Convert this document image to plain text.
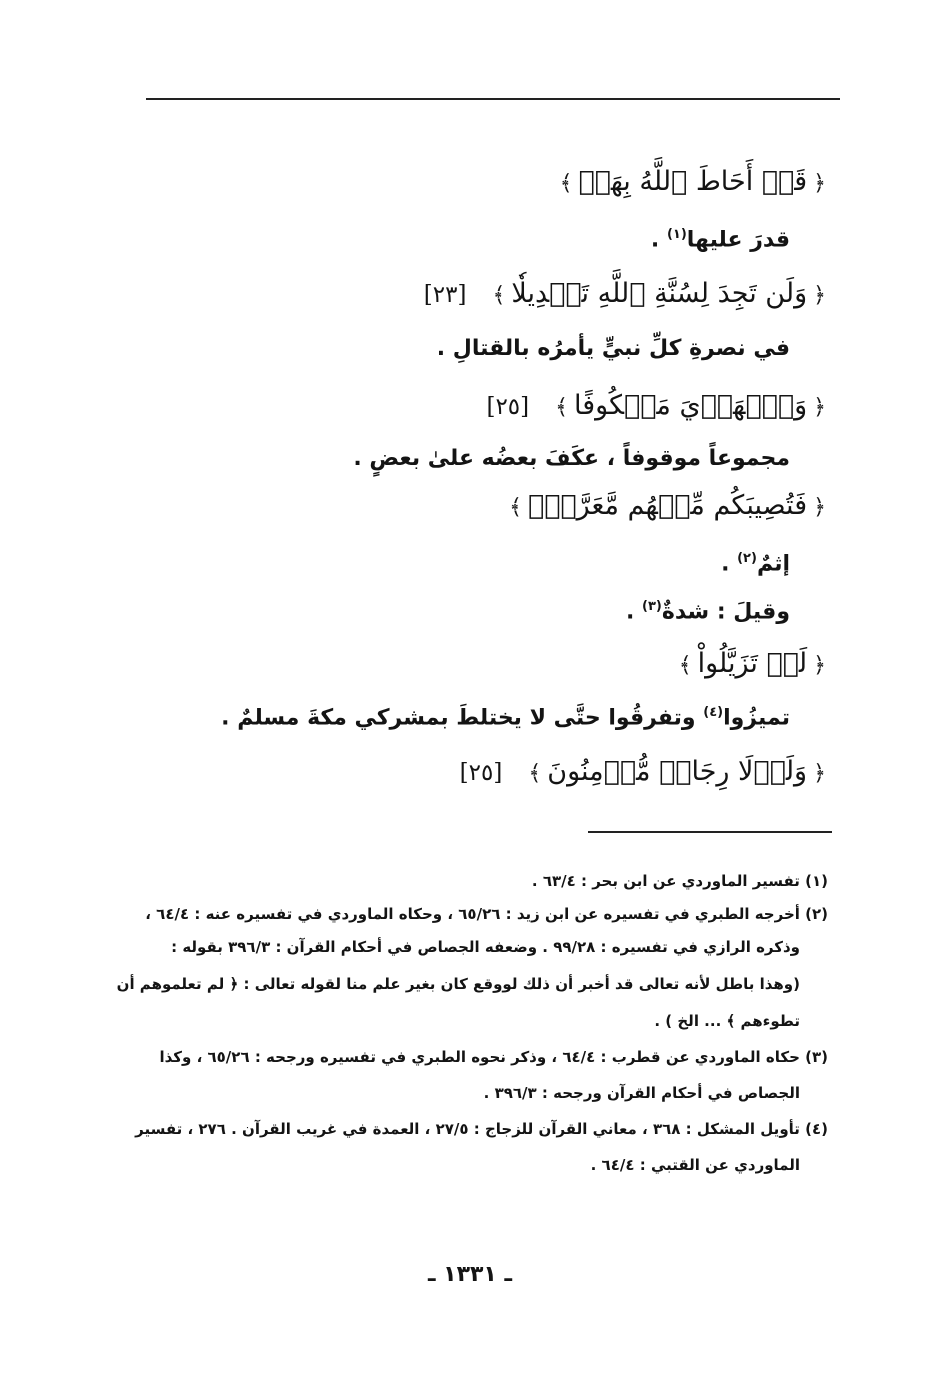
﴿قَدۡ أَحَاطَ ٱللَّهُ بِهَاۚ﴾
قدرَ عليها$^{(١)}$ .
﴿وَلَن تَجِدَ لِسُنَّةِ ٱللَّهِ تَبۡدِيلٗا﴾[٢٣]
في نصرةِ كلِّ نبيٍّ يأمرُه بالقتالِ .
﴿وَٱلۡهَدۡيَ مَعۡكُوفًا﴾[٢٥]
مجموعاً موقوفاً ، عكَفَ بعضُه علىٰ بعضٍ .
﴿فَتُصِيبَكُم مِّنۡهُم مَّعَرَّةُۢ﴾
إثمٌ$^{(٢)}$ .
وقيلَ : شدةٌ$^{(٣)}$ .
﴿لَوۡ تَزَيَّلُواْ﴾
تميزُوا$^{(٤)}$ وتفرقُوا حتَّى لا يختلطَ بمشركي مكةَ مسلمٌ .
﴿وَلَوۡلَا رِجَالٞ مُّؤۡمِنُونَ﴾[٢٥]
(١) تفسير الماوردي عن ابن بحر : ٦٣/٤ .
(٢) أخرجه الطبري في تفسيره عن ابن زيد : ٦٥/٢٦ ، وحكاه الماوردي في تفسيره عنه : ٦٤/٤ ،
وذكره الرازي في تفسيره : ٩٩/٢٨ . وضعفه الجصاص في أحكام القرآن : ٣٩٦/٣ بقوله :
(وهذا باطل لأنه تعالى قد أخبر أن ذلك لووقع كان بغير علم منا لقوله تعالى : ﴿ لم تعلموهم أن
تطوءهم ﴾ ... الخ ) .
(٣) حكاه الماوردي عن قطرب : ٦٤/٤ ، وذكر نحوه الطبري في تفسيره ورجحه : ٦٥/٢٦ ، وكذا
الجصاص في أحكام القرآن ورجحه : ٣٩٦/٣ .
(٤) تأويل المشكل : ٣٦٨ ، معاني القرآن للزجاج : ٢٧/٥ ، العمدة في غريب القرآن . ٢٧٦ ، تفسير
الماوردي عن القتبي : ٦٤/٤ .
ـ ١٣٣١ ـ
